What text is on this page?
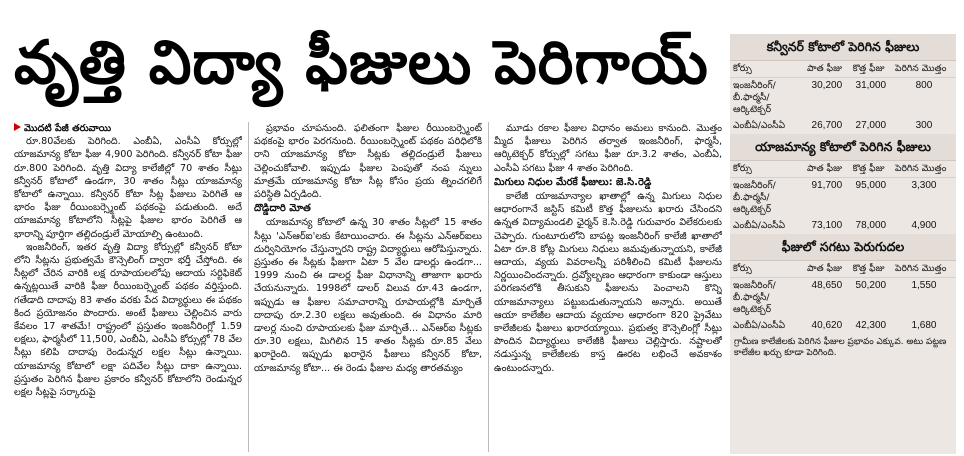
వృత్తి విద్యా ఫీజులు పెరిగాయ్

మొదటి పేజీ తరువాయి

రూ.80వేలకు పెరిగింది. ఎంబీఏ, ఎంసీఏ కోర్సుల్లో యాజమాన్య కోటా ఫీజు 4,900 పెరిగింది. కన్వీనర్ కోటా ఫీజు రూ.800 పెరిగింది. వృత్తి విద్యా కాలేజీల్లో 70 శాతం సీట్లు కన్వీనర్ కోటాలో ఉండగా, 30 శాతం సీట్లు యాజమాన్య కోటాలో ఉన్నాయి. కన్వీనర్ కోటా సీట్ల ఫీజులు పెరిగితే ఆ భారం ఫీజు రీయింబర్స్మెంట్ పథకంపై పడుతుంది. అదే యాజమాన్య కోటాలోని సీట్లపై ఫీజుల భారం పెరిగితే ఆ భారాన్ని పూర్తిగా తల్లిదండ్రులే మోయాల్సి ఉంటుంది.

ఇంజనీరింగ్, ఇతర వృత్తి విద్యా కోర్సుల్లో కన్వీనర్ కోటా లోని సీట్లను ప్రభుత్వమే కౌన్సెలింగ్ ద్వారా భర్తీ చేస్తోంది. ఈ సీట్లలో చేరిన వారికి లక్ష రూపాయలలోపు ఆదాయ సర్టిఫికెట్ ఉన్నట్లయితే వారికి ఫీజు రీయింబర్స్మెంట్ పథకం వర్తిస్తుంది. గతేడాది దాదాపు 83 శాతం వరకు పేద విద్యార్థులు ఈ పథకం కింద ప్రయోజనం పొందారు. అంటే ఫీజులు చెల్లించిన వారు కేవలం 17 శాతమే! రాష్ట్రంలో ప్రస్తుతం ఇంజనీరింగ్లో 1.59 లక్షలు, ఫార్మసీలో 11,500, ఎంబీఏ, ఎంసీఏ కోర్సుల్లో 78 వేల సీట్లు కలిపి దాదాపు రెండున్నర లక్షల సీట్లు ఉన్నాయి. యాజమాన్య కోటాలో లక్షా పదివేల సీట్లు దాకా ఉన్నాయి. ప్రస్తుతం పెరిగిన ఫీజుల ప్రకారం కన్వీనర్ కోటాలోని రెండున్నర లక్షల సీట్లపై సర్కారుపై

ప్రభావం చూపనుంది. ఫలితంగా ఫీజుల రీయింబర్స్మెంట్ పథకంపై భారం పెరగనుంది. రీయింబర్స్మెంట్ పథకం పరిధిలోకి రాని యాజమాన్య కోటా సీట్లకు తల్లిదండ్రులే ఫీజులు చెల్లించుకోవాలి. ఇప్పుడు ఫీజుల పెంపుతో నంప న్నులు మాత్రమే యాజమాన్య కోటా సీట్ల కోసం ప్రయ త్నించగలిగే పరిస్థితి ఏర్పడింది.

దొడ్డిదారి మోత

యాజమాన్య కోటాలో ఉన్న 30 శాతం సీట్లలో 15 శాతం సీట్లు 'ఎన్ఆర్ఐ'లకు కేటాయించారు. ఈ సీట్లను ఎన్ఆర్ఐలు దుర్వినియోగం చేస్తున్నారని రాష్ట్ర విద్యార్థులు ఆరోపిస్తున్నారు. ప్రస్తుతం ఈ సీట్లకు ఫీజుగా ఏటా 5 వేల డాలర్లు ఉండగా... 1999 నుంచి ఈ డాలర్ల ఫీజు విధానాన్ని తాజాగా ఖరారు చేయనున్నారు. 1998లో డాలర్ విలువ రూ.43 ఉండగా, ఇప్పుడు ఆ ఫీజుల సమాచారాన్ని రూపాయల్లోకి మార్చితే దాదాపు రూ.2.30 లక్షలు అవుతుంది. ఈ విధానం మారి డాలర్ల నుంచి రూపాయలకు ఫీజు మార్చితే... ఎన్ఆర్ఐ సీట్లకు రూ.30 లక్షలు, మిగిలిన 15 శాతం సీట్లకు రూ.85 వేలు ఖరారైంది. ఇప్పుడు ఖరారైన ఫీజులు కన్వీనర్ కోటా, యాజమాన్య కోటా... ఈ రెండు ఫీజుల మధ్య తారతమ్యం

మూడు రకాల ఫీజుల విధానం అమలు కానుంది. మొత్తం మ్మీద ఫీజులు పెరిగిన తర్వాత ఇంజనీరింగ్, ఫార్మసీ, ఆర్కిటెక్చర్ కోర్సుల్లో సగటు ఫీజు రూ.3.2 శాతం, ఎంబీఏ, ఎంసీఏ సగటు ఫీజు 4 శాతం పెరిగింది.

మిగులు నిధుల మేరకే ఫీజులు: జె.సి.రెడ్డి

కాలేజీ యాజమాన్యాల ఖాతాల్లో ఉన్న మిగులు నిధుల ఆధారంగానే జస్టిస్ కమిటీ కొత్త ఫీజులను ఖరారు చేసిందని ఉన్నత విద్యామండలి ఛైర్మన్ కె.సి.రెడ్డి గురువారం విలేకరులకు చెప్పారు. గుంటూరులోని బాపట్ల ఇంజనీరింగ్ కాలేజీ ఖాతాలో ఏటా రూ.8 కోట్ల మిగులు నిధులు జమవుతున్నాయని, కాలేజీ ఆదాయ, వ్యయ వివరాలన్నీ పరిశీలించి కమిటీ ఫీజులను నిర్ణయించిందన్నారు. ద్రవ్యోల్బణం ఆధారంగా కాకుండా ఆస్తులు పరిగణనలోకి తీసుకుని ఫీజులను పెంచాలని కొన్ని యాజమాన్యాలు పట్టుబడుతున్నాయని అన్నారు. అయితే ఆయా కాలేజీల ఆదాయ వ్యయాల ఆధారంగా 820 ప్రైవేటు కాలేజీలకు ఫీజులు ఖరారయ్యాయి. ప్రభుత్వ కౌన్సెలింగ్లో సీట్లు పొందిన విద్యార్థులు కాలేజీకి ఫీజులు చెల్లిస్తారు. నష్టాలతో నడుస్తున్న కాలేజీలకు కాస్త ఊరట లభించే అవకాశం ఉంటుందన్నారు.

కన్వీనర్ కోటాలో పెరిగిన ఫీజులు
కోర్సు	పాత ఫీజు	కొత్త ఫీజు	పెరిగిన మొత్తం
ఇంజనీరింగ్/ బీ.ఫార్మసీ/ ఆర్కిటెక్చర్	30,200	31,000	800
ఎంబీఏ/ఎంసీఏ	26,700	27,000	300
యాజమాన్య కోటాలో పెరిగిన ఫీజులు
కోర్సు	పాత ఫీజు	కొత్త ఫీజు	పెరిగిన మొత్తం
ఇంజనీరింగ్/ బీ.ఫార్మసీ/ ఆర్కిటెక్చర్	91,700	95,000	3,300
ఎంబీఏ/ఎంసీఏ	73,100	78,000	4,900
ఫీజులో సగటు పెరుగుదల
కోర్సు	పాత ఫీజు	కొత్త ఫీజు	పెరిగిన మొత్తం
ఇంజనీరింగ్/ బీ.ఫార్మసీ/ ఆర్కిటెక్చర్	48,650	50,200	1,550
ఎంబీఏ/ఎంసీఏ	40,620	42,300	1,680
గ్రామీణ కాలేజీలకు పెరిగిన ఫీజుల ప్రభావం ఎక్కువ. అటు పట్టణ కాలేజీల ఖర్చు కూడా పెరిగింది.
